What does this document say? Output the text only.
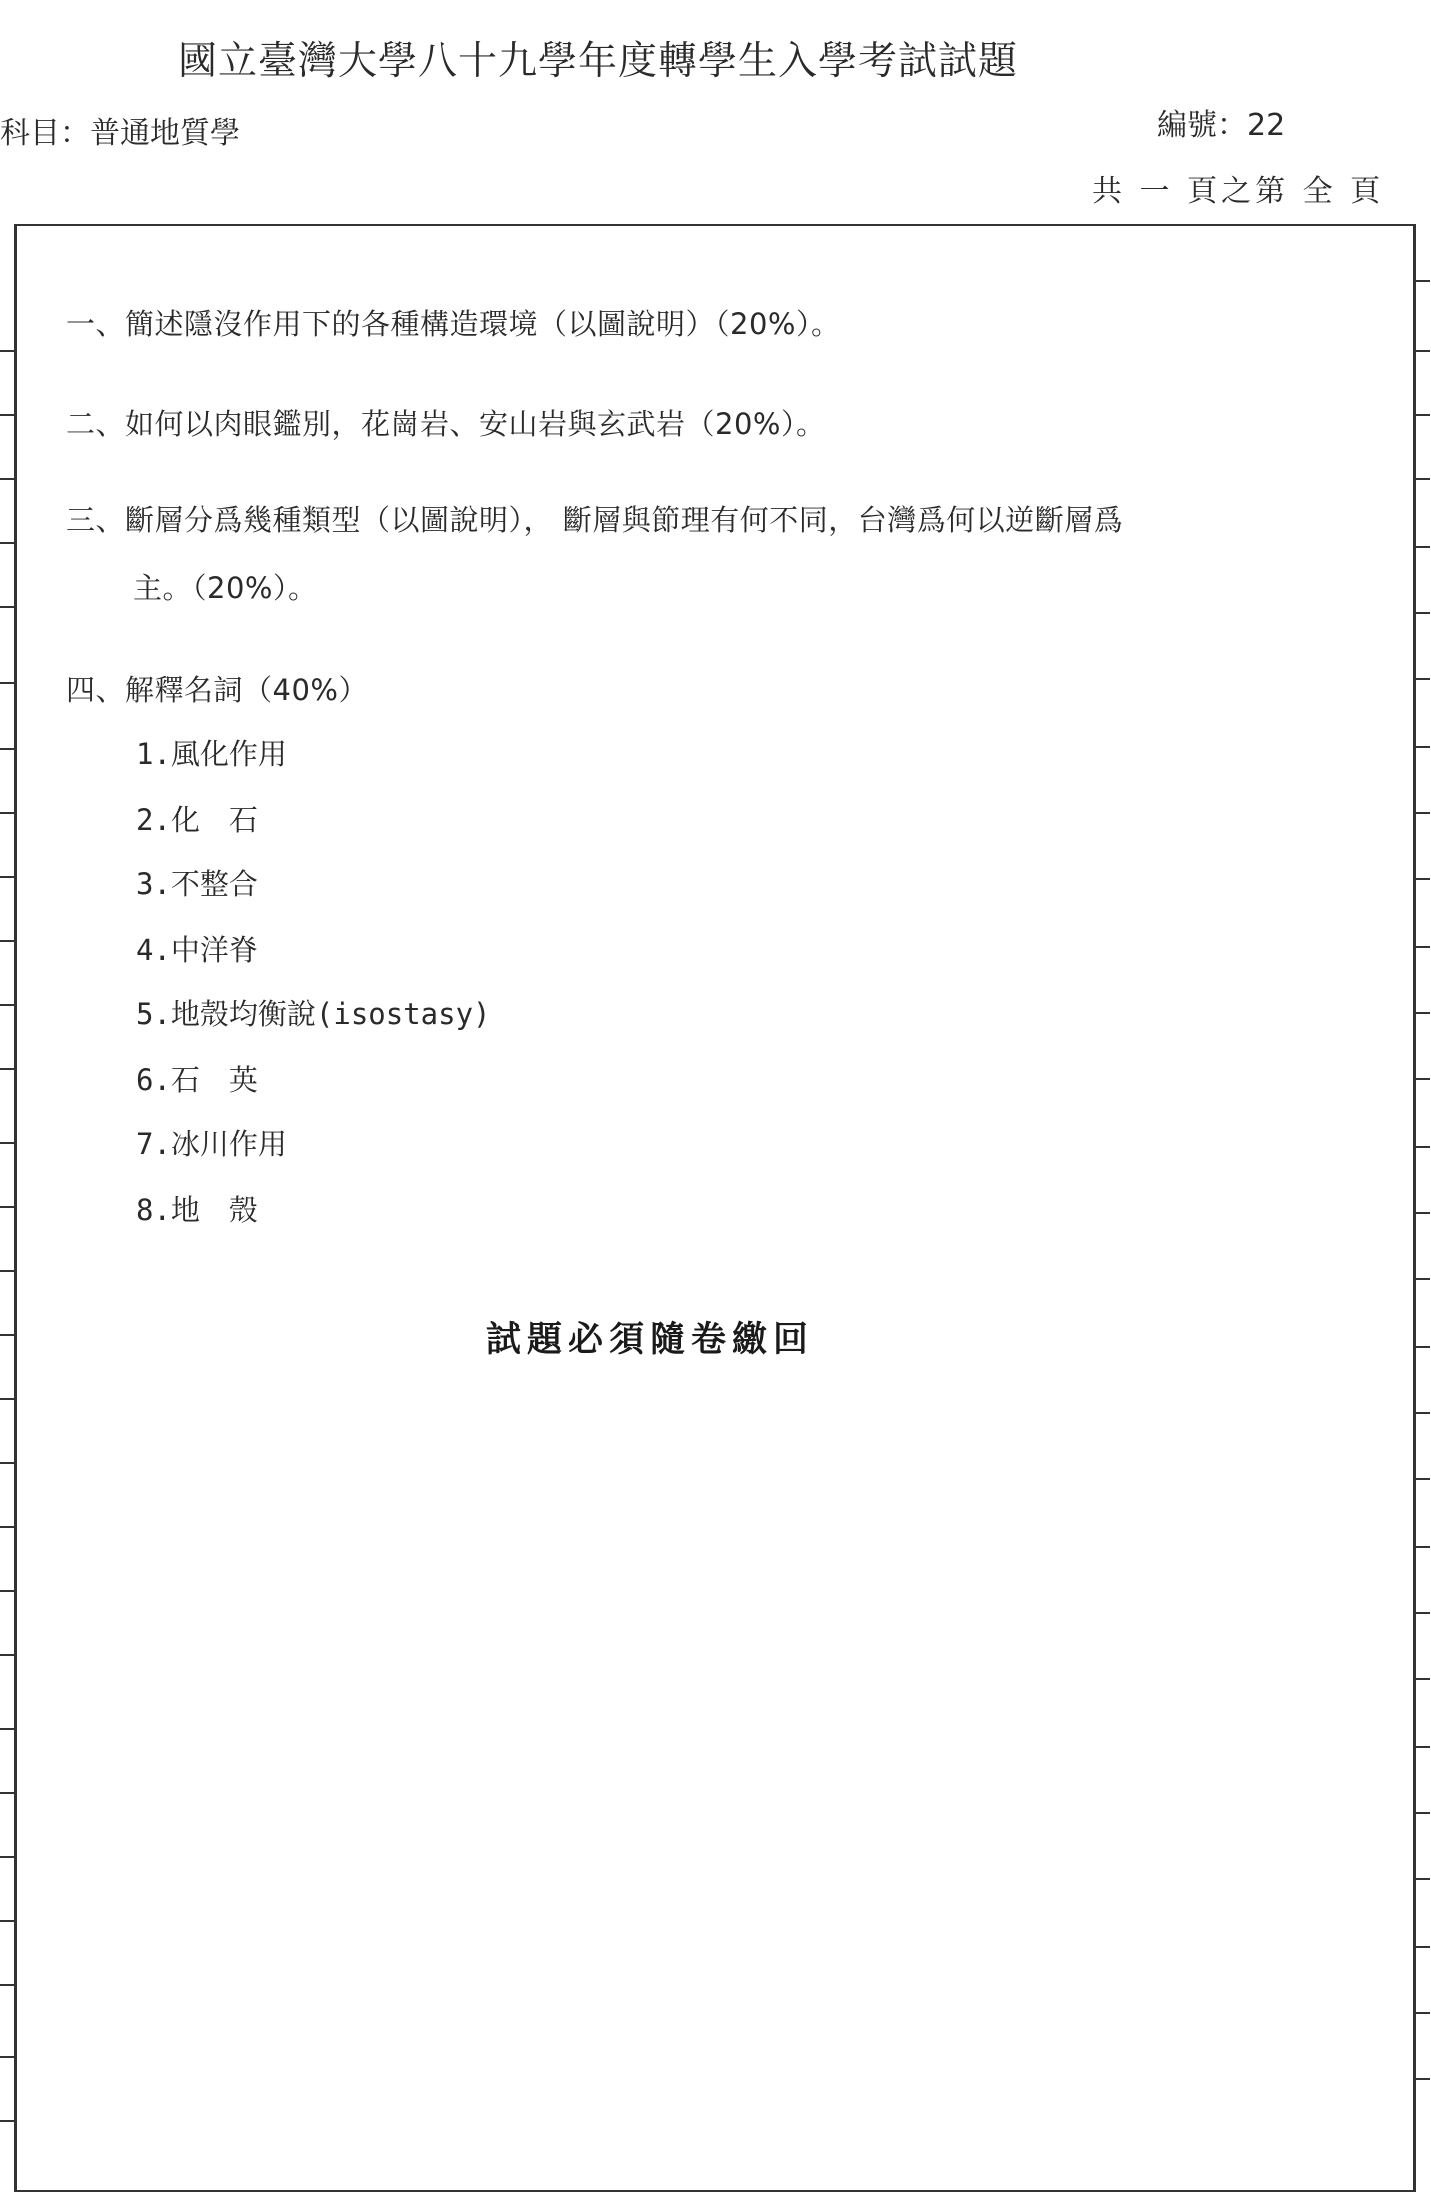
國立臺灣大學八十九學年度轉學生入學考試試題
科目：普通地質學	編號：22
共 一 頁之第 全 頁
一、簡述隱沒作用下的各種構造環境（以圖說明）（20%）。
二、如何以肉眼鑑別，花崗岩、安山岩與玄武岩（20%）。
三、斷層分爲幾種類型（以圖說明）， 斷層與節理有何不同，台灣爲何以逆斷層爲
主。（20%）。
四、解釋名詞（40%）
1.風化作用
2.化　石
3.不整合
4.中洋脊
5.地殼均衡說(isostasy)
6.石　英
7.冰川作用
8.地　殼
試題必須隨卷繳回
